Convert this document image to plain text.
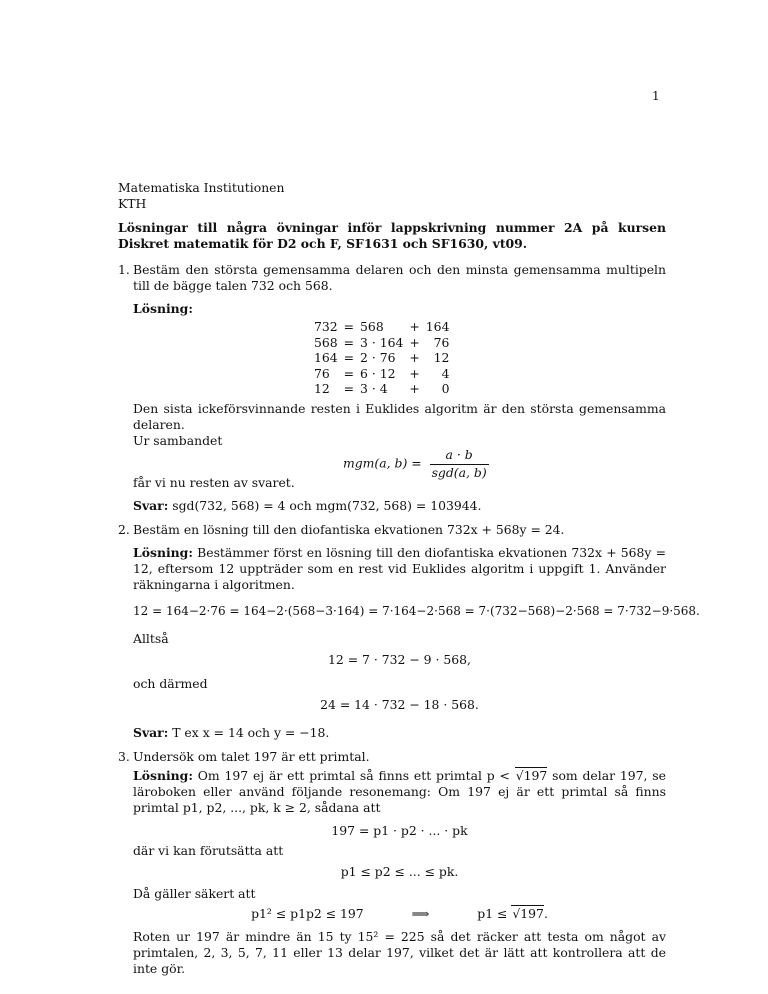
1
Matematiska Institutionen
KTH
Lösningar till några övningar inför lappskrivning nummer 2A på kursen Diskret matematik för D2 och F, SF1631 och SF1630, vt09.
1. Bestäm den största gemensamma delaren och den minsta gemensamma multipeln till de bägge talen 732 och 568.

Lösning:

732	=	568	+	164
568	=	3 · 164	+	76
164	=	2 · 76	+	12
76	=	6 · 12	+	4
12	=	3 · 4	+	0

Den sista ickeförsvinnande resten i Euklides algoritm är den största gemensamma delaren.

Ur sambandet
mgm(a, $b) = \frac{a \cdot b}{\text{sgd(a, b)}}$

får vi nu resten av svaret.

Svar: sgd(732, 568) = 4 och mgm(732, 568) = 103944.

2. Bestäm en lösning till den diofantiska ekvationen 732x + 568y = 24.

Lösning: Bestämmer först en lösning till den diofantiska ekvationen 732x + 568y = 12, eftersom 12 uppträder som en rest vid Euklides algoritm i uppgift 1. Använder räkningarna i algoritmen.

12 = 164−2·76 = 164−2·(568−3·164) = 7·164−2·568 = 7·(732−568)−2·568 = 7·732−9·568.

Alltså

12 = 7 · 732 − 9 · 568,

och därmed

24 = 14 · 732 − 18 · 568.

Svar: T ex x = 14 och y = −18.

3. Undersök om talet 197 är ett primtal.

Lösning: Om 197 ej är ett primtal så finns ett primtal p < √197 som delar 197, se läroboken eller använd följande resonemang: Om 197 ej är ett primtal så finns primtal p1, p2, ..., pk, k ≥ 2, sådana att

197 = p1 · p2 · ... · pk

där vi kan förutsätta att

p1 ≤ p2 ≤ ... ≤ pk.

Då gäller säkert att

p1² ≤ p1p2 ≤ 197	⟹	p1 ≤ √197.

Roten ur 197 är mindre än 15 ty 15² = 225 så det räcker att testa om något av primtalen, 2, 3, 5, 7, 11 eller 13 delar 197, vilket det är lätt att kontrollera att de inte gör.
